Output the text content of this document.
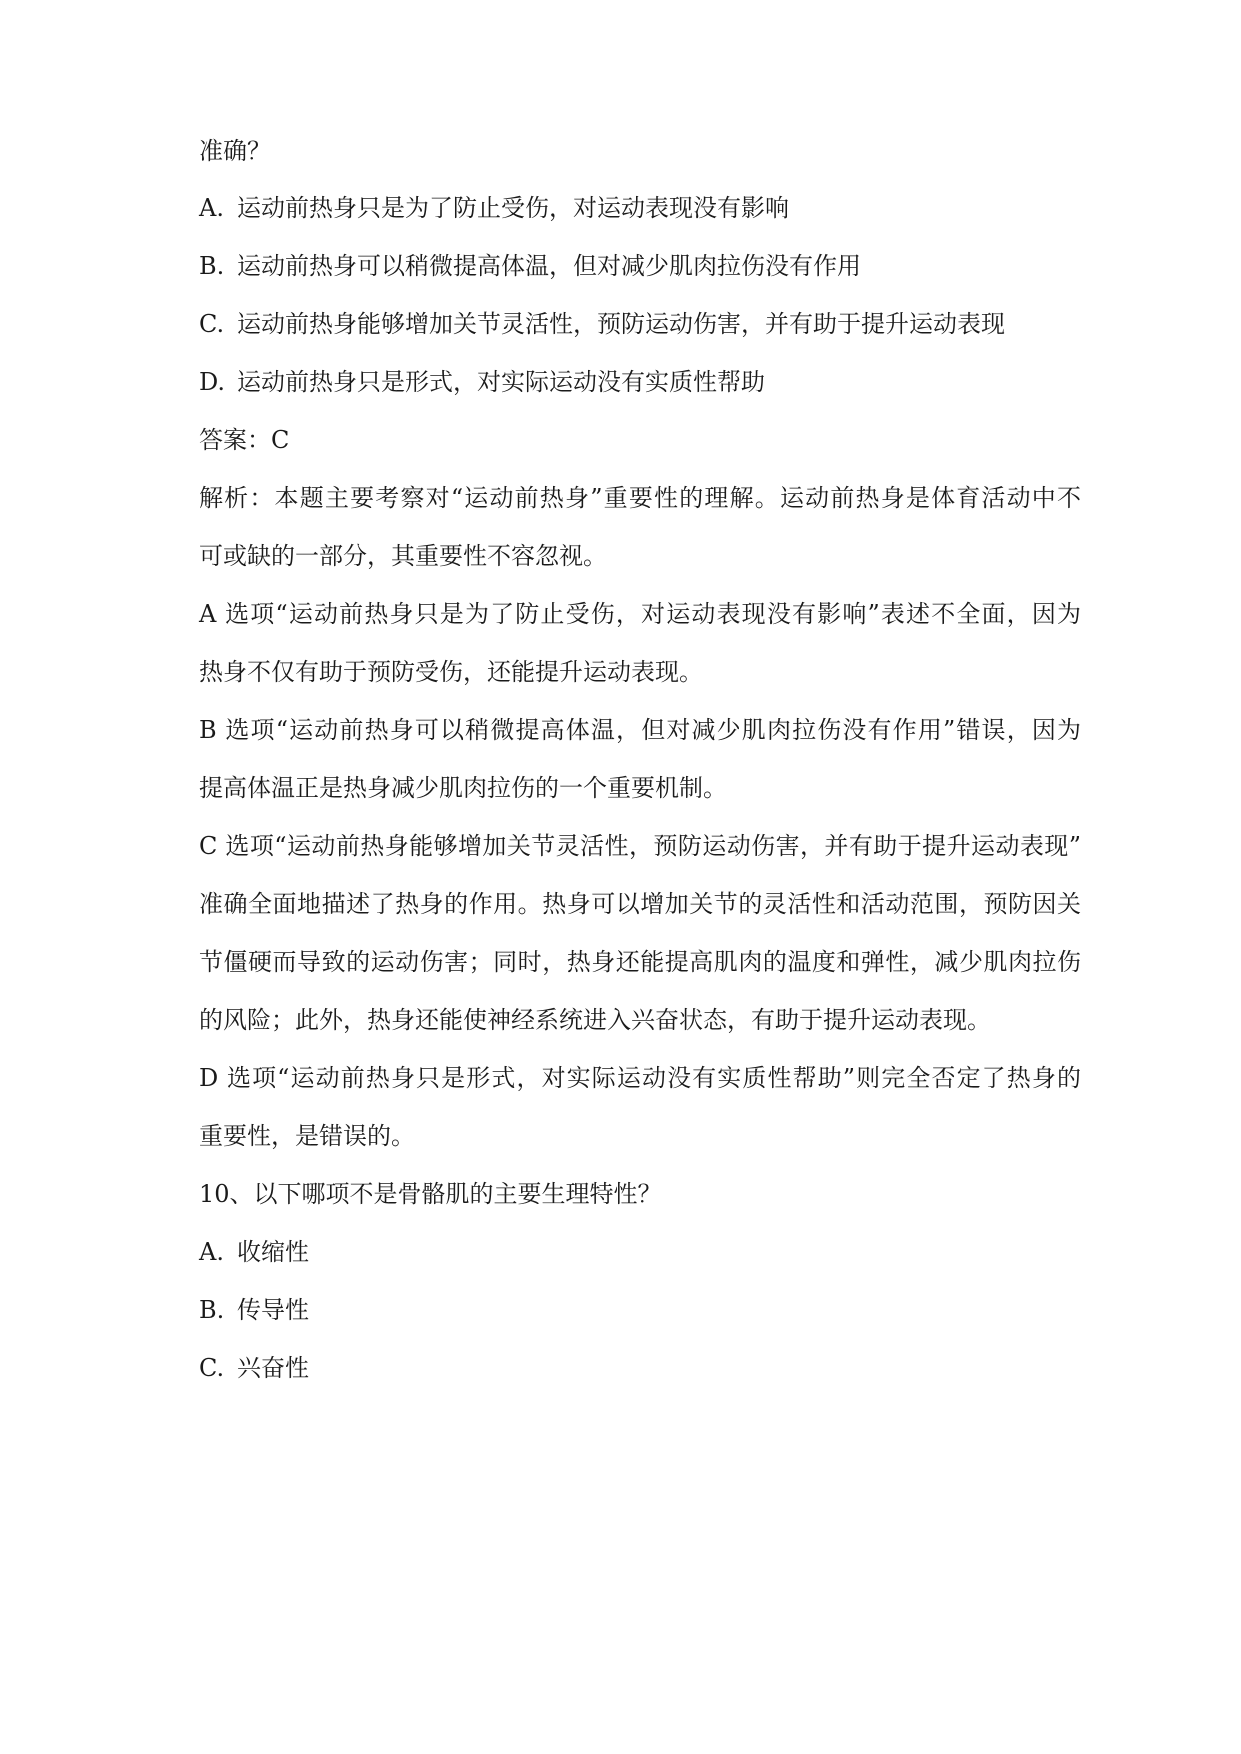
准确？
A. 运动前热身只是为了防止受伤，对运动表现没有影响
B. 运动前热身可以稍微提高体温，但对减少肌肉拉伤没有作用
C. 运动前热身能够增加关节灵活性，预防运动伤害，并有助于提升运动表现
D. 运动前热身只是形式，对实际运动没有实质性帮助
答案：C
解析：本题主要考察对“运动前热身”重要性的理解。运动前热身是体育活动中不
可或缺的一部分，其重要性不容忽视。
A 选项“运动前热身只是为了防止受伤，对运动表现没有影响”表述不全面，因为
热身不仅有助于预防受伤，还能提升运动表现。
B 选项“运动前热身可以稍微提高体温，但对减少肌肉拉伤没有作用”错误，因为
提高体温正是热身减少肌肉拉伤的一个重要机制。
C 选项“运动前热身能够增加关节灵活性，预防运动伤害，并有助于提升运动表现”
准确全面地描述了热身的作用。热身可以增加关节的灵活性和活动范围，预防因关
节僵硬而导致的运动伤害；同时，热身还能提高肌肉的温度和弹性，减少肌肉拉伤
的风险；此外，热身还能使神经系统进入兴奋状态，有助于提升运动表现。
D 选项“运动前热身只是形式，对实际运动没有实质性帮助”则完全否定了热身的
重要性，是错误的。
10、以下哪项不是骨骼肌的主要生理特性？
A. 收缩性
B. 传导性
C. 兴奋性
